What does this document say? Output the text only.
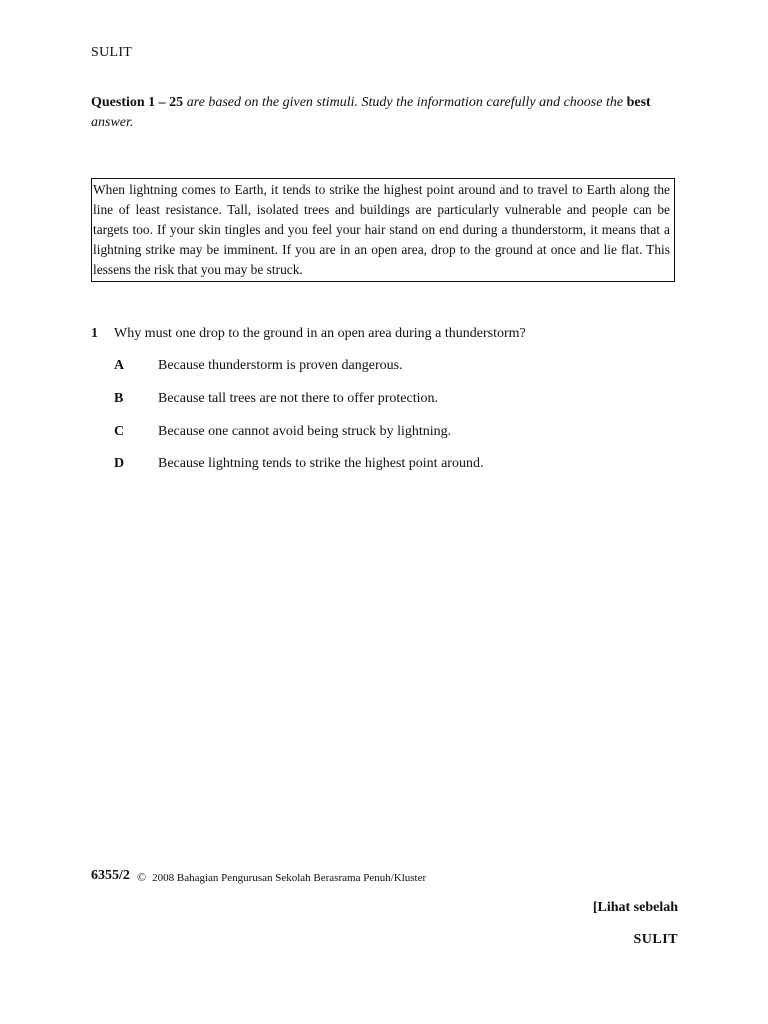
SULIT
Question 1 – 25 are based on the given stimuli. Study the information carefully and choose the best answer.
When lightning comes to Earth, it tends to strike the highest point around and to travel to Earth along the line of least resistance. Tall, isolated trees and buildings are particularly vulnerable and people can be targets too. If your skin tingles and you feel your hair stand on end during a thunderstorm, it means that a lightning strike may be imminent. If you are in an open area, drop to the ground at once and lie flat. This lessens the risk that you may be struck.
1 Why must one drop to the ground in an open area during a thunderstorm?
A Because thunderstorm is proven dangerous.
B Because tall trees are not there to offer protection.
C Because one cannot avoid being struck by lightning.
D Because lightning tends to strike the highest point around.
6355/2 © 2008 Bahagian Pengurusan Sekolah Berasrama Penuh/Kluster
[Lihat sebelah
SULIT
